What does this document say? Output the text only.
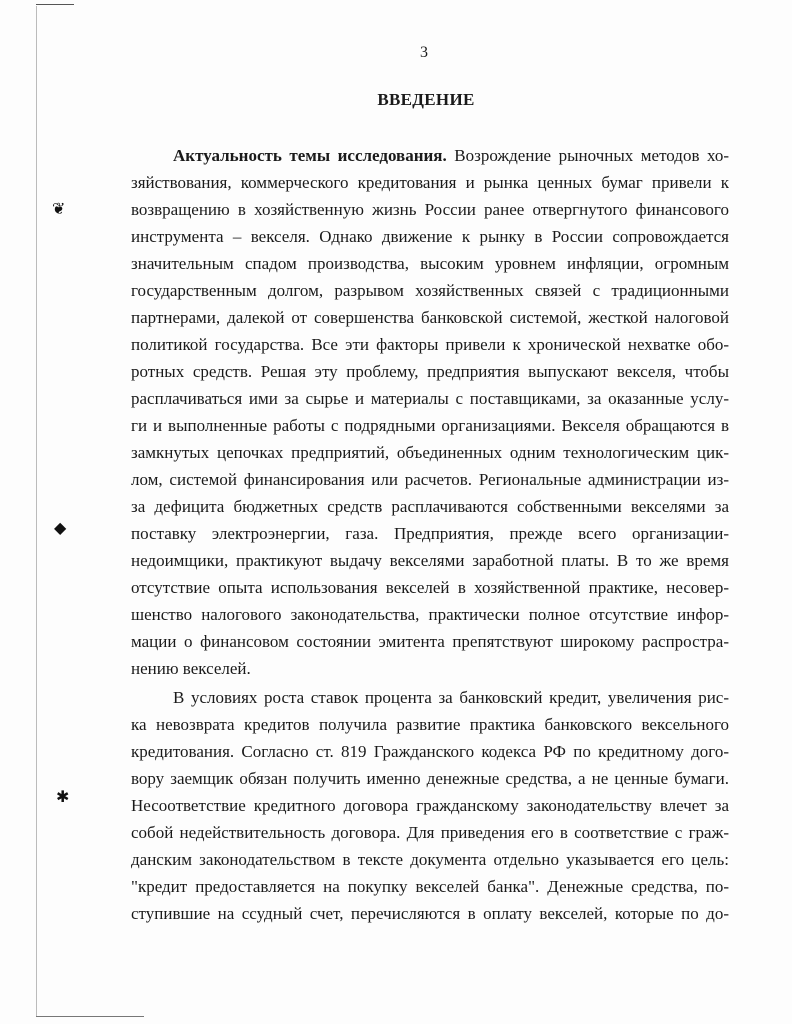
❦
◆
✱
3
ВВЕДЕНИЕ
Актуальность темы исследования. Возрождение рыночных методов хо-
зяйствования, коммерческого кредитования и рынка ценных бумаг привели к
возвращению в хозяйственную жизнь России ранее отвергнутого финансового
инструмента – векселя. Однако движение к рынку в России сопровождается
значительным спадом производства, высоким уровнем инфляции, огромным
государственным долгом, разрывом хозяйственных связей с традиционными
партнерами, далекой от совершенства банковской системой, жесткой налоговой
политикой государства. Все эти факторы привели к хронической нехватке обо-
ротных средств. Решая эту проблему, предприятия выпускают векселя, чтобы
расплачиваться ими за сырье и материалы с поставщиками, за оказанные услу-
ги и выполненные работы с подрядными организациями. Векселя обращаются в
замкнутых цепочках предприятий, объединенных одним технологическим цик-
лом, системой финансирования или расчетов. Региональные администрации из-
за дефицита бюджетных средств расплачиваются собственными векселями за
поставку электроэнергии, газа. Предприятия, прежде всего организации-
недоимщики, практикуют выдачу векселями заработной платы. В то же время
отсутствие опыта использования векселей в хозяйственной практике, несовер-
шенство налогового законодательства, практически полное отсутствие инфор-
мации о финансовом состоянии эмитента препятствуют широкому распростра-
нению векселей.
В условиях роста ставок процента за банковский кредит, увеличения рис-
ка невозврата кредитов получила развитие практика банковского вексельного
кредитования. Согласно ст. 819 Гражданского кодекса РФ по кредитному дого-
вору заемщик обязан получить именно денежные средства, а не ценные бумаги.
Несоответствие кредитного договора гражданскому законодательству влечет за
собой недействительность договора. Для приведения его в соответствие с граж-
данским законодательством в тексте документа отдельно указывается его цель:
"кредит предоставляется на покупку векселей банка". Денежные средства, по-
ступившие на ссудный счет, перечисляются в оплату векселей, которые по до-
